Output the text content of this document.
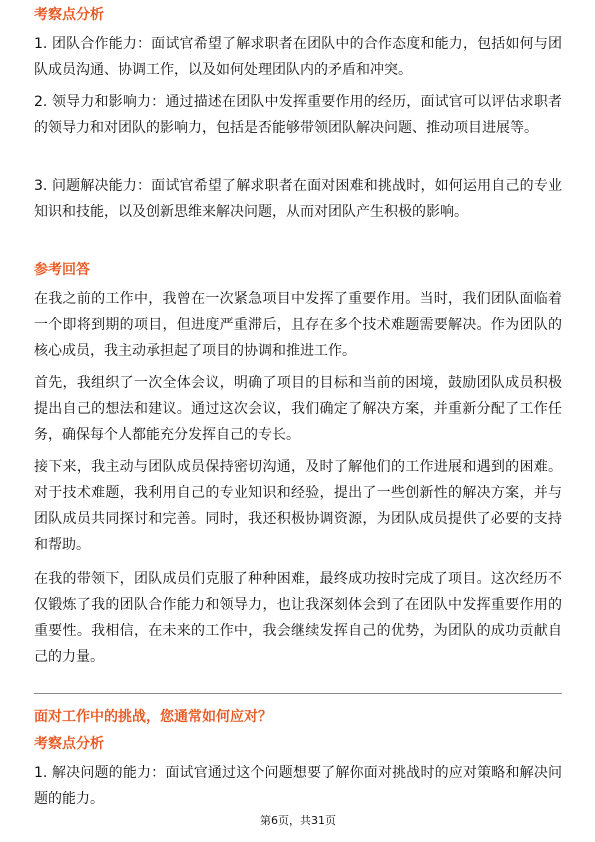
考察点分析

1. 团队合作能力：面试官希望了解求职者在团队中的合作态度和能力，包括如何与团队成员沟通、协调工作，以及如何处理团队内的矛盾和冲突。

2. 领导力和影响力：通过描述在团队中发挥重要作用的经历，面试官可以评估求职者的领导力和对团队的影响力，包括是否能够带领团队解决问题、推动项目进展等。

3. 问题解决能力：面试官希望了解求职者在面对困难和挑战时，如何运用自己的专业知识和技能，以及创新思维来解决问题，从而对团队产生积极的影响。

参考回答

在我之前的工作中，我曾在一次紧急项目中发挥了重要作用。当时，我们团队面临着一个即将到期的项目，但进度严重滞后，且存在多个技术难题需要解决。作为团队的核心成员，我主动承担起了项目的协调和推进工作。

首先，我组织了一次全体会议，明确了项目的目标和当前的困境，鼓励团队成员积极提出自己的想法和建议。通过这次会议，我们确定了解决方案，并重新分配了工作任务，确保每个人都能充分发挥自己的专长。

接下来，我主动与团队成员保持密切沟通，及时了解他们的工作进展和遇到的困难。对于技术难题，我利用自己的专业知识和经验，提出了一些创新性的解决方案，并与团队成员共同探讨和完善。同时，我还积极协调资源，为团队成员提供了必要的支持和帮助。

在我的带领下，团队成员们克服了种种困难，最终成功按时完成了项目。这次经历不仅锻炼了我的团队合作能力和领导力，也让我深刻体会到了在团队中发挥重要作用的重要性。我相信，在未来的工作中，我会继续发挥自己的优势，为团队的成功贡献自己的力量。

面对工作中的挑战，您通常如何应对？
考察点分析

1. 解决问题的能力：面试官通过这个问题想要了解你面对挑战时的应对策略和解决问题的能力。

第6页，共31页
